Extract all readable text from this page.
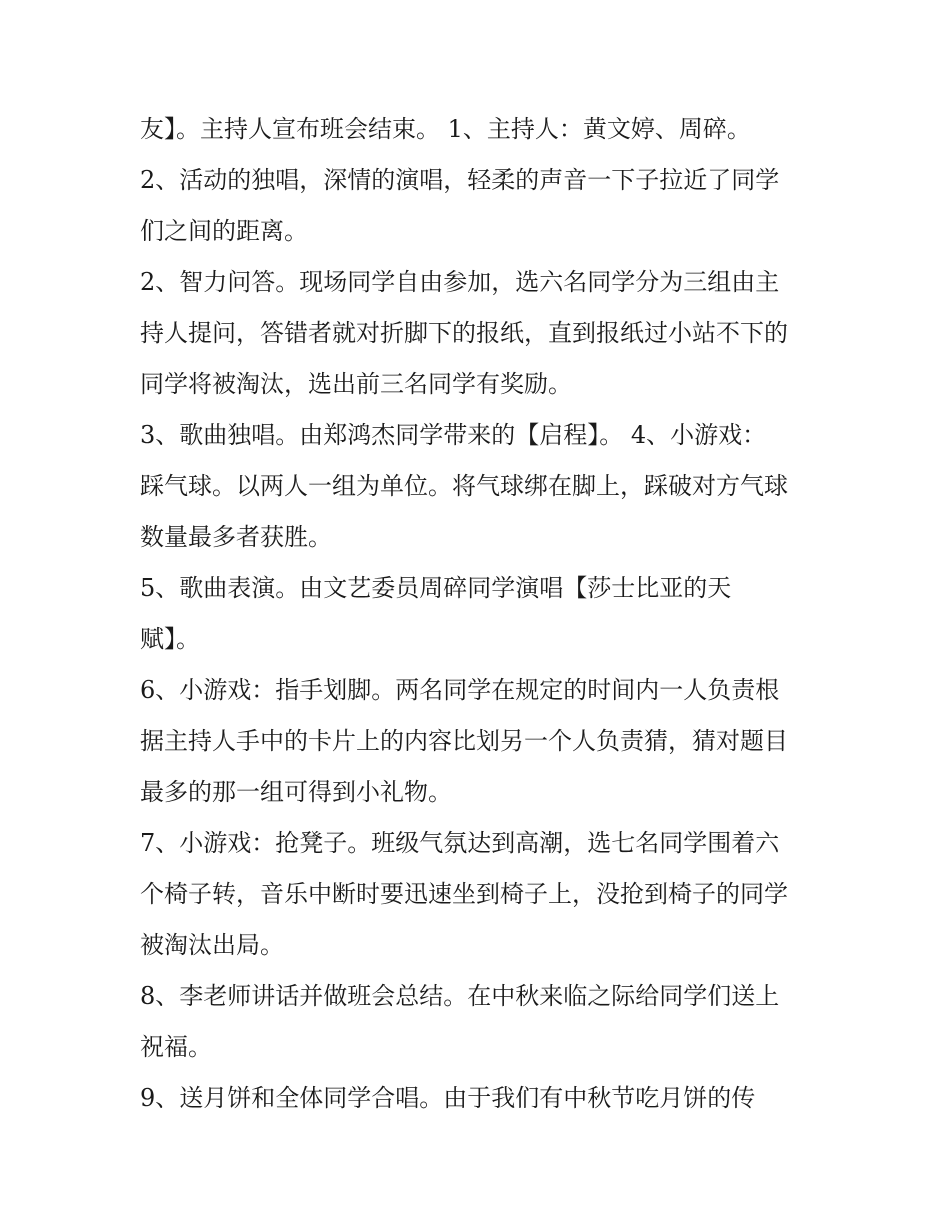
友】。主持人宣布班会结束。 1、主持人：黄文婷、周碎。
2、活动的独唱，深情的演唱，轻柔的声音一下子拉近了同学
们之间的距离。
2、智力问答。现场同学自由参加，选六名同学分为三组由主
持人提问，答错者就对折脚下的报纸，直到报纸过小站不下的
同学将被淘汰，选出前三名同学有奖励。
3、歌曲独唱。由郑鸿杰同学带来的【启程】。 4、小游戏：
踩气球。以两人一组为单位。将气球绑在脚上，踩破对方气球
数量最多者获胜。
5、歌曲表演。由文艺委员周碎同学演唱【莎士比亚的天
赋】。
6、小游戏：指手划脚。两名同学在规定的时间内一人负责根
据主持人手中的卡片上的内容比划另一个人负责猜，猜对题目
最多的那一组可得到小礼物。
7、小游戏：抢凳子。班级气氛达到高潮，选七名同学围着六
个椅子转，音乐中断时要迅速坐到椅子上，没抢到椅子的同学
被淘汰出局。
8、李老师讲话并做班会总结。在中秋来临之际给同学们送上
祝福。
9、送月饼和全体同学合唱。由于我们有中秋节吃月饼的传
